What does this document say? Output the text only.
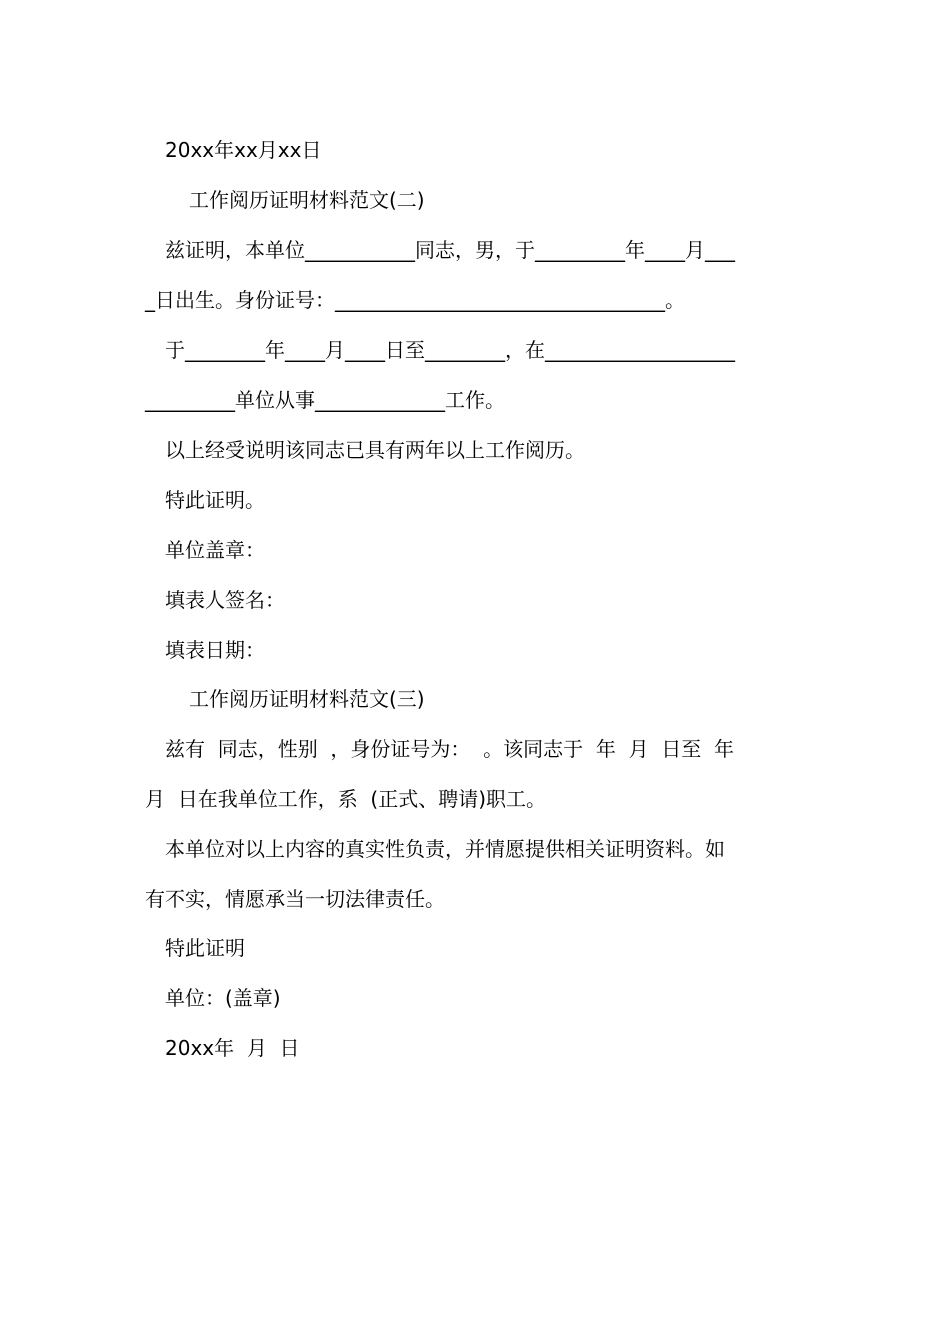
20xx年xx月xx日
工作阅历证明材料范文(二)
兹证明，本单位___________同志，男，于_________年____月___
_日出生。身份证号：_________________________________。
于________年____月____日至________，在___________________
_________单位从事_____________工作。
以上经受说明该同志已具有两年以上工作阅历。
特此证明。
单位盖章：
填表人签名：
填表日期：
工作阅历证明材料范文(三)
兹有  同志，性别  ，身份证号为：  。该同志于  年  月  日至  年
月  日在我单位工作，系  (正式、聘请)职工。
本单位对以上内容的真实性负责，并情愿提供相关证明资料。如
有不实，情愿承当一切法律责任。
特此证明
单位：(盖章)
20xx年  月  日
